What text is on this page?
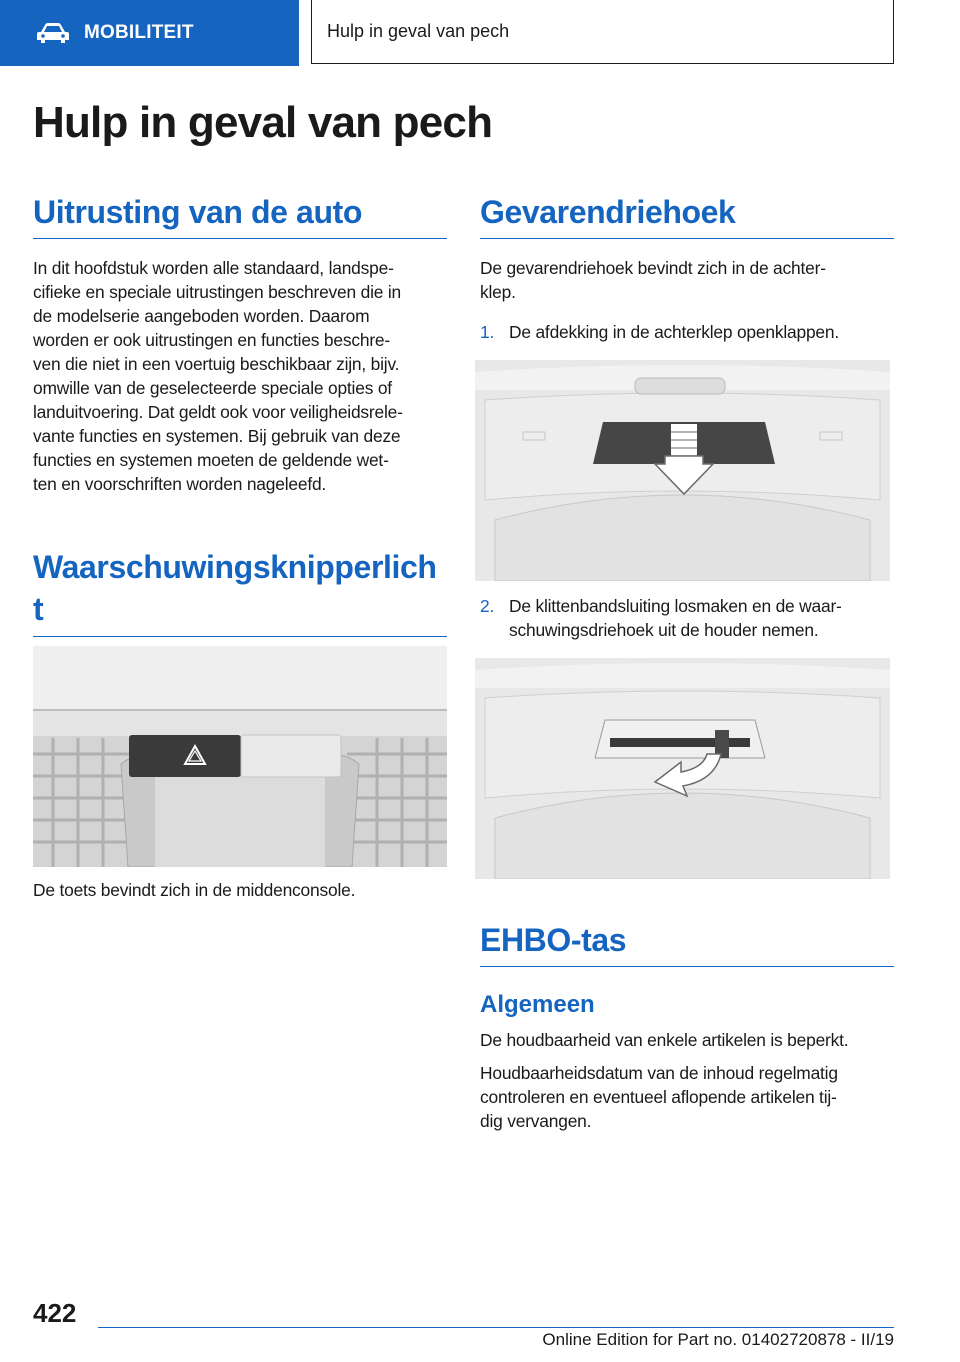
MOBILITEIT	Hulp in geval van pech
Hulp in geval van pech
Uitrusting van de auto

In dit hoofdstuk worden alle standaard, landspe-

cifieke en speciale uitrustingen beschreven die in

de modelserie aangeboden worden. Daarom

worden er ook uitrustingen en functies beschre-

ven die niet in een voertuig beschikbaar zijn, bijv.

omwille van de geselecteerde speciale opties of

landuitvoering. Dat geldt ook voor veiligheidsrele-

vante functies en systemen. Bij gebruik van deze

functies en systemen moeten de geldende wet-

ten en voorschriften worden nageleefd.

Waarschuwingsknipperlich
t

De toets bevindt zich in de middenconsole.

Gevarendriehoek

De gevarendriehoek bevindt zich in de achter-

klep.

1. De afdekking in de achterklep openklappen.
2. De klittenbandsluiting losmaken en de waar-
schuwingsdriehoek uit de houder nemen.
EHBO-tas
Algemeen

De houdbaarheid van enkele artikelen is beperkt.

Houdbaarheidsdatum van de inhoud regelmatig

controleren en eventueel aflopende artikelen tij-

dig vervangen.

422
Online Edition for Part no. 01402720878 - II/19
